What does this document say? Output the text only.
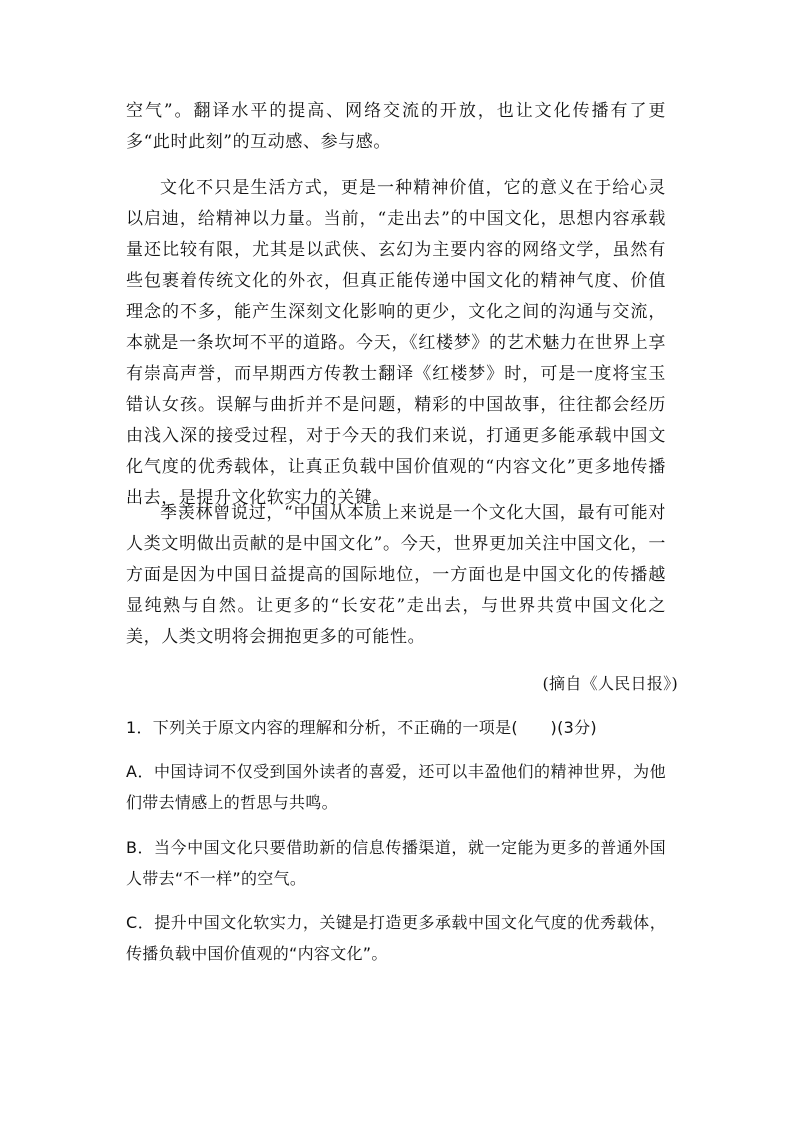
空气”。翻译水平的提高、网络交流的开放，也让文化传播有了更多“此时此刻”的互动感、参与感。

文化不只是生活方式，更是一种精神价值，它的意义在于给心灵以启迪，给精神以力量。当前，“走出去”的中国文化，思想内容承载量还比较有限，尤其是以武侠、玄幻为主要内容的网络文学，虽然有些包裹着传统文化的外衣，但真正能传递中国文化的精神气度、价值理念的不多，能产生深刻文化影响的更少，文化之间的沟通与交流，本就是一条坎坷不平的道路。今天，《红楼梦》的艺术魅力在世界上享有崇高声誉，而早期西方传教士翻译《红楼梦》时，可是一度将宝玉错认女孩。误解与曲折并不是问题，精彩的中国故事，往往都会经历由浅入深的接受过程，对于今天的我们来说，打通更多能承载中国文化气度的优秀载体，让真正负载中国价值观的“内容文化”更多地传播出去，是提升文化软实力的关键。

季羡林曾说过，“中国从本质上来说是一个文化大国，最有可能对人类文明做出贡献的是中国文化”。今天，世界更加关注中国文化，一方面是因为中国日益提高的国际地位，一方面也是中国文化的传播越显纯熟与自然。让更多的“长安花”走出去，与世界共赏中国文化之美，人类文明将会拥抱更多的可能性。

(摘自《人民日报》)

1．下列关于原文内容的理解和分析，不正确的一项是(　　)(3分)

A．中国诗词不仅受到国外读者的喜爱，还可以丰盈他们的精神世界，为他们带去情感上的哲思与共鸣。

B．当今中国文化只要借助新的信息传播渠道，就一定能为更多的普通外国人带去“不一样”的空气。

C．提升中国文化软实力，关键是打造更多承载中国文化气度的优秀载体，传播负载中国价值观的“内容文化”。
